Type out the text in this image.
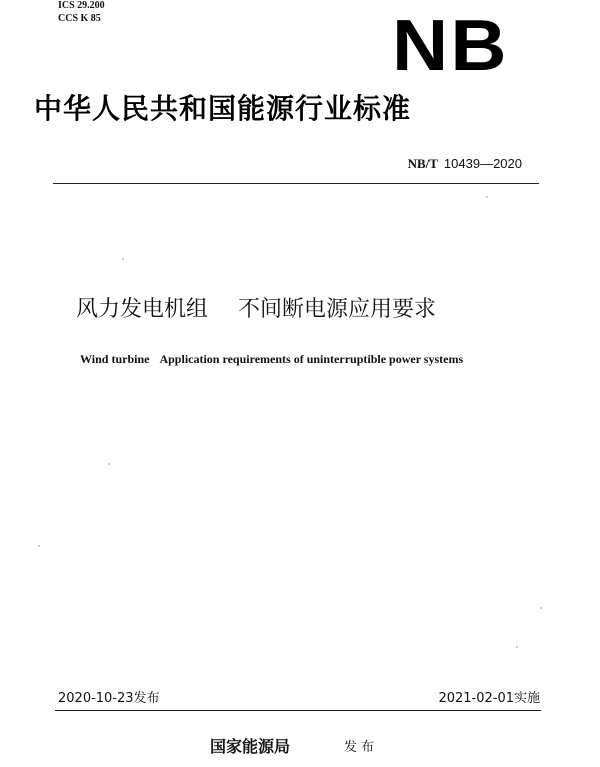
ICS 29.200
CCS K 85	NB
中华人民共和国能源行业标准
NB/T 10439—2020
风力发电机组 不间断电源应用要求
Wind turbine Application requirements of uninterruptible power systems
2020-10-23发布	2021-02-01实施
国家能源局	发布
